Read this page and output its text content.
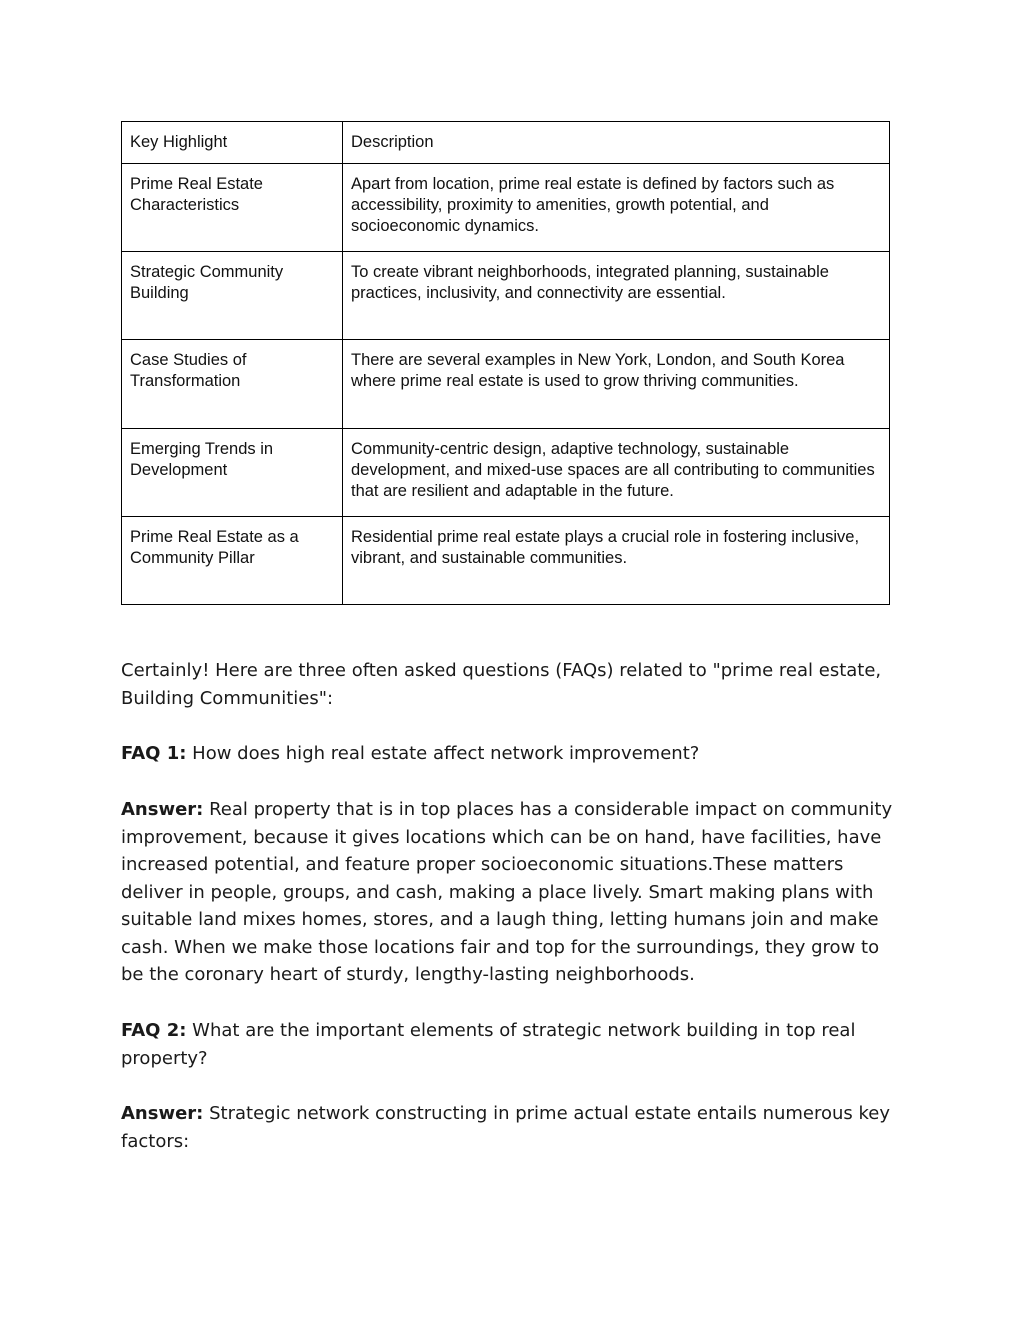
Key Highlight	Description
Prime Real Estate Characteristics	Apart from location, prime real estate is defined by factors such as accessibility, proximity to amenities, growth potential, and socioeconomic dynamics.
Strategic Community Building	To create vibrant neighborhoods, integrated planning, sustainable practices, inclusivity, and connectivity are essential.
Case Studies of Transformation	There are several examples in New York, London, and South Korea where prime real estate is used to grow thriving communities.
Emerging Trends in Development	Community-centric design, adaptive technology, sustainable development, and mixed-use spaces are all contributing to communities that are resilient and adaptable in the future.
Prime Real Estate as a Community Pillar	Residential prime real estate plays a crucial role in fostering inclusive, vibrant, and sustainable communities.

Certainly! Here are three often asked questions (FAQs) related to "prime real estate, Building Communities":

FAQ 1: How does high real estate affect network improvement?

Answer: Real property that is in top places has a considerable impact on community improvement, because it gives locations which can be on hand, have facilities, have increased potential, and feature proper socioeconomic situations.These matters deliver in people, groups, and cash, making a place lively. Smart making plans with suitable land mixes homes, stores, and a laugh thing, letting humans join and make cash. When we make those locations fair and top for the surroundings, they grow to be the coronary heart of sturdy, lengthy-lasting neighborhoods.

FAQ 2: What are the important elements of strategic network building in top real property?

Answer: Strategic network constructing in prime actual estate entails numerous key factors:
